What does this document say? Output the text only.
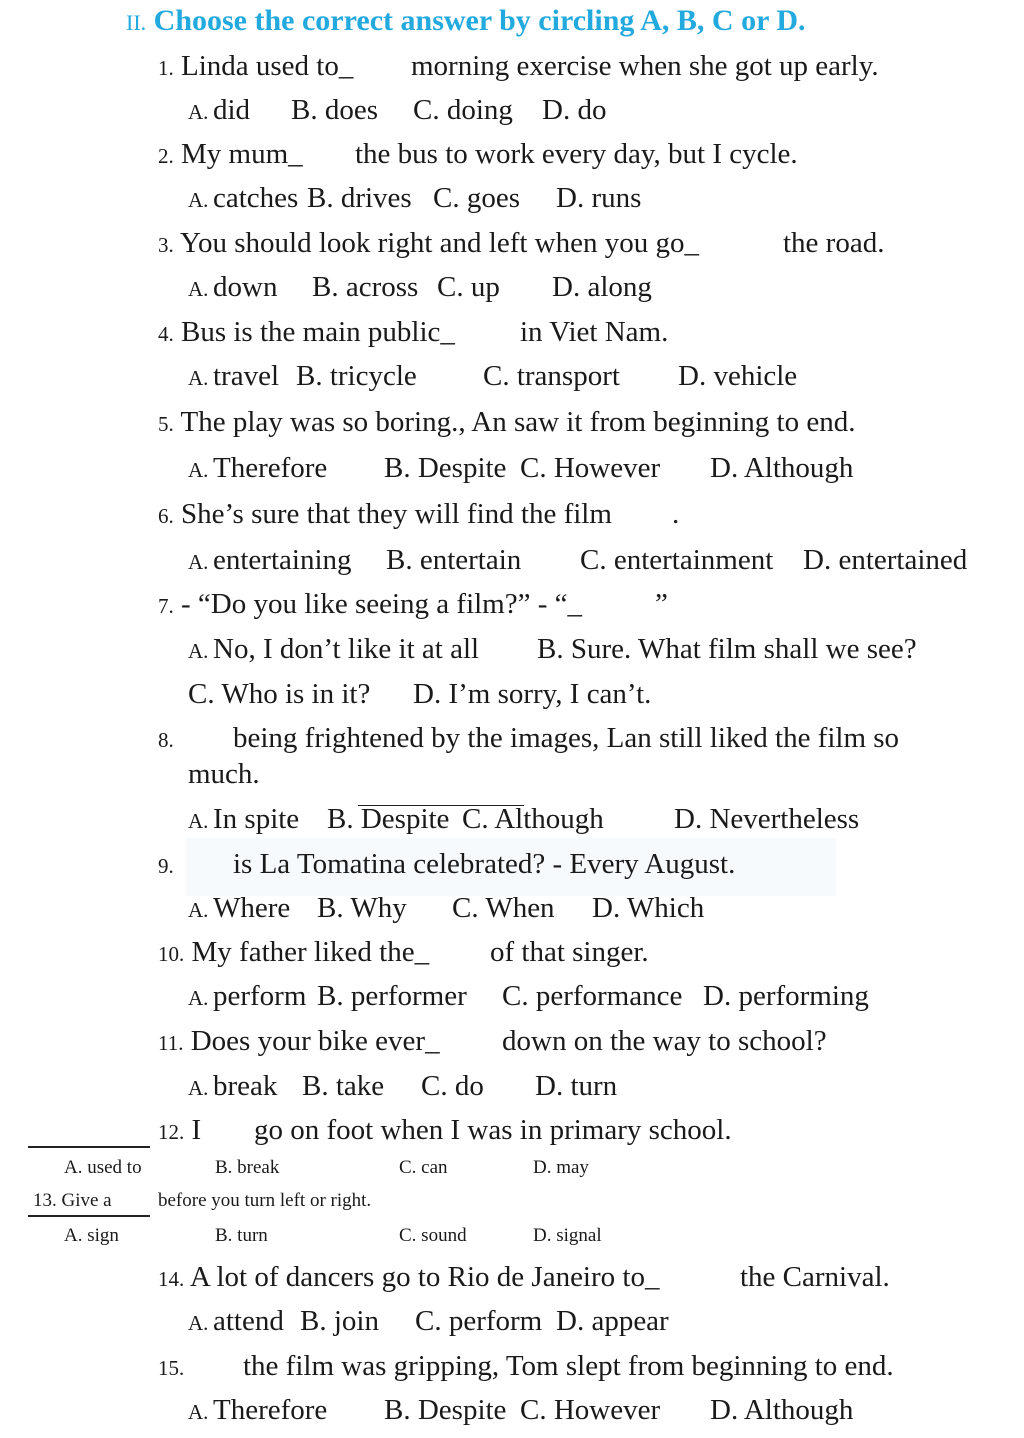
II. Choose the correct answer by circling A, B, C or D.
1. Linda used to_ morning exercise when she got up early.
A. did B. does C. doing D. do
2. My mum_ the bus to work every day, but I cycle.
A. catches B. drives C. goes D. runs
3. You should look right and left when you go_	the road.
A. down B. across C. up D. along
4. Bus is the main public_ in Viet Nam.
A. travel B. tricycle C. transport D. vehicle
5. The play was so boring., An saw it from beginning to end.
A. Therefore B. Despite C. However D. Although
6. She’s sure that they will find the film .
A. entertaining B. entertain C. entertainment D. entertained
7. - “Do you like seeing a film?” - “_	”
A. No, I don’t like it at all B. Sure. What film shall we see?
C. Who is in it? D. I’m sorry, I can’t.
8. being frightened by the images, Lan still liked the film so
much.
A. In spite B. Despite C. Although D. Nevertheless
9. is La Tomatina celebrated? - Every August.
A. Where B. Why C. When D. Which
10. My father liked the_ of that singer.
A. perform B. performer C. performance D. performing
11. Does your bike ever_ down on the way to school?
A. break B. take C. do D. turn
12. I go on foot when I was in primary school.
A. used to	B. break	C. can	D. may
13. Give a before you turn left or right.
A. sign	B. turn	C. sound	D. signal
14. A lot of dancers go to Rio de Janeiro to_	the Carnival.
A. attend B. join C. perform D. appear
15. the film was gripping, Tom slept from beginning to end.
A. Therefore B. Despite C. However D. Although
